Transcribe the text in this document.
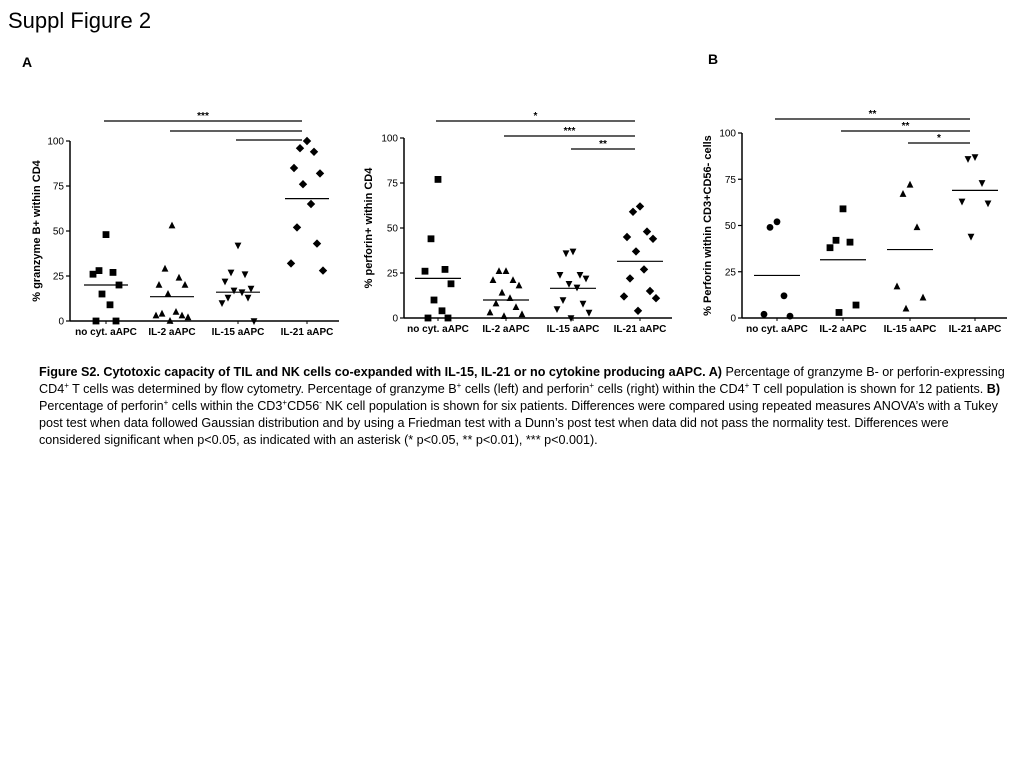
Suppl Figure 2
A	B
0
25
50
75
100
% granzyme B+ within CD4
no cyt. aAPC IL-2 aAPC IL-15 aAPC IL-21 aAPC
***
0
25
50
75
100
% perforin+ within CD4
no cyt. aAPC IL-2 aAPC IL-15 aAPC IL-21 aAPC
*
***
**
0
25
50
75
100
% Perforin within CD3+CD56- cells
no cyt. aAPC IL-2 aAPC IL-15 aAPC IL-21 aAPC
**
**
*
Figure S2. Cytotoxic capacity of TIL and NK cells co-expanded with IL-15, IL-21 or no cytokine producing aAPC. A) Percentage of granzyme B- or perforin-expressing CD4+ T cells was determined by flow cytometry. Percentage of granzyme B+ cells (left) and perforin+ cells (right) within the CD4+ T cell population is shown for 12 patients. B) Percentage of perforin+ cells within the CD3+CD56- NK cell population is shown for six patients. Differences were compared using repeated measures ANOVA’s with a Tukey post test when data followed Gaussian distribution and by using a Friedman test with a Dunn’s post test when data did not pass the normality test. Differences were considered significant when p<0.05, as indicated with an asterisk (* p<0.05, ** p<0.01), *** p<0.001).
